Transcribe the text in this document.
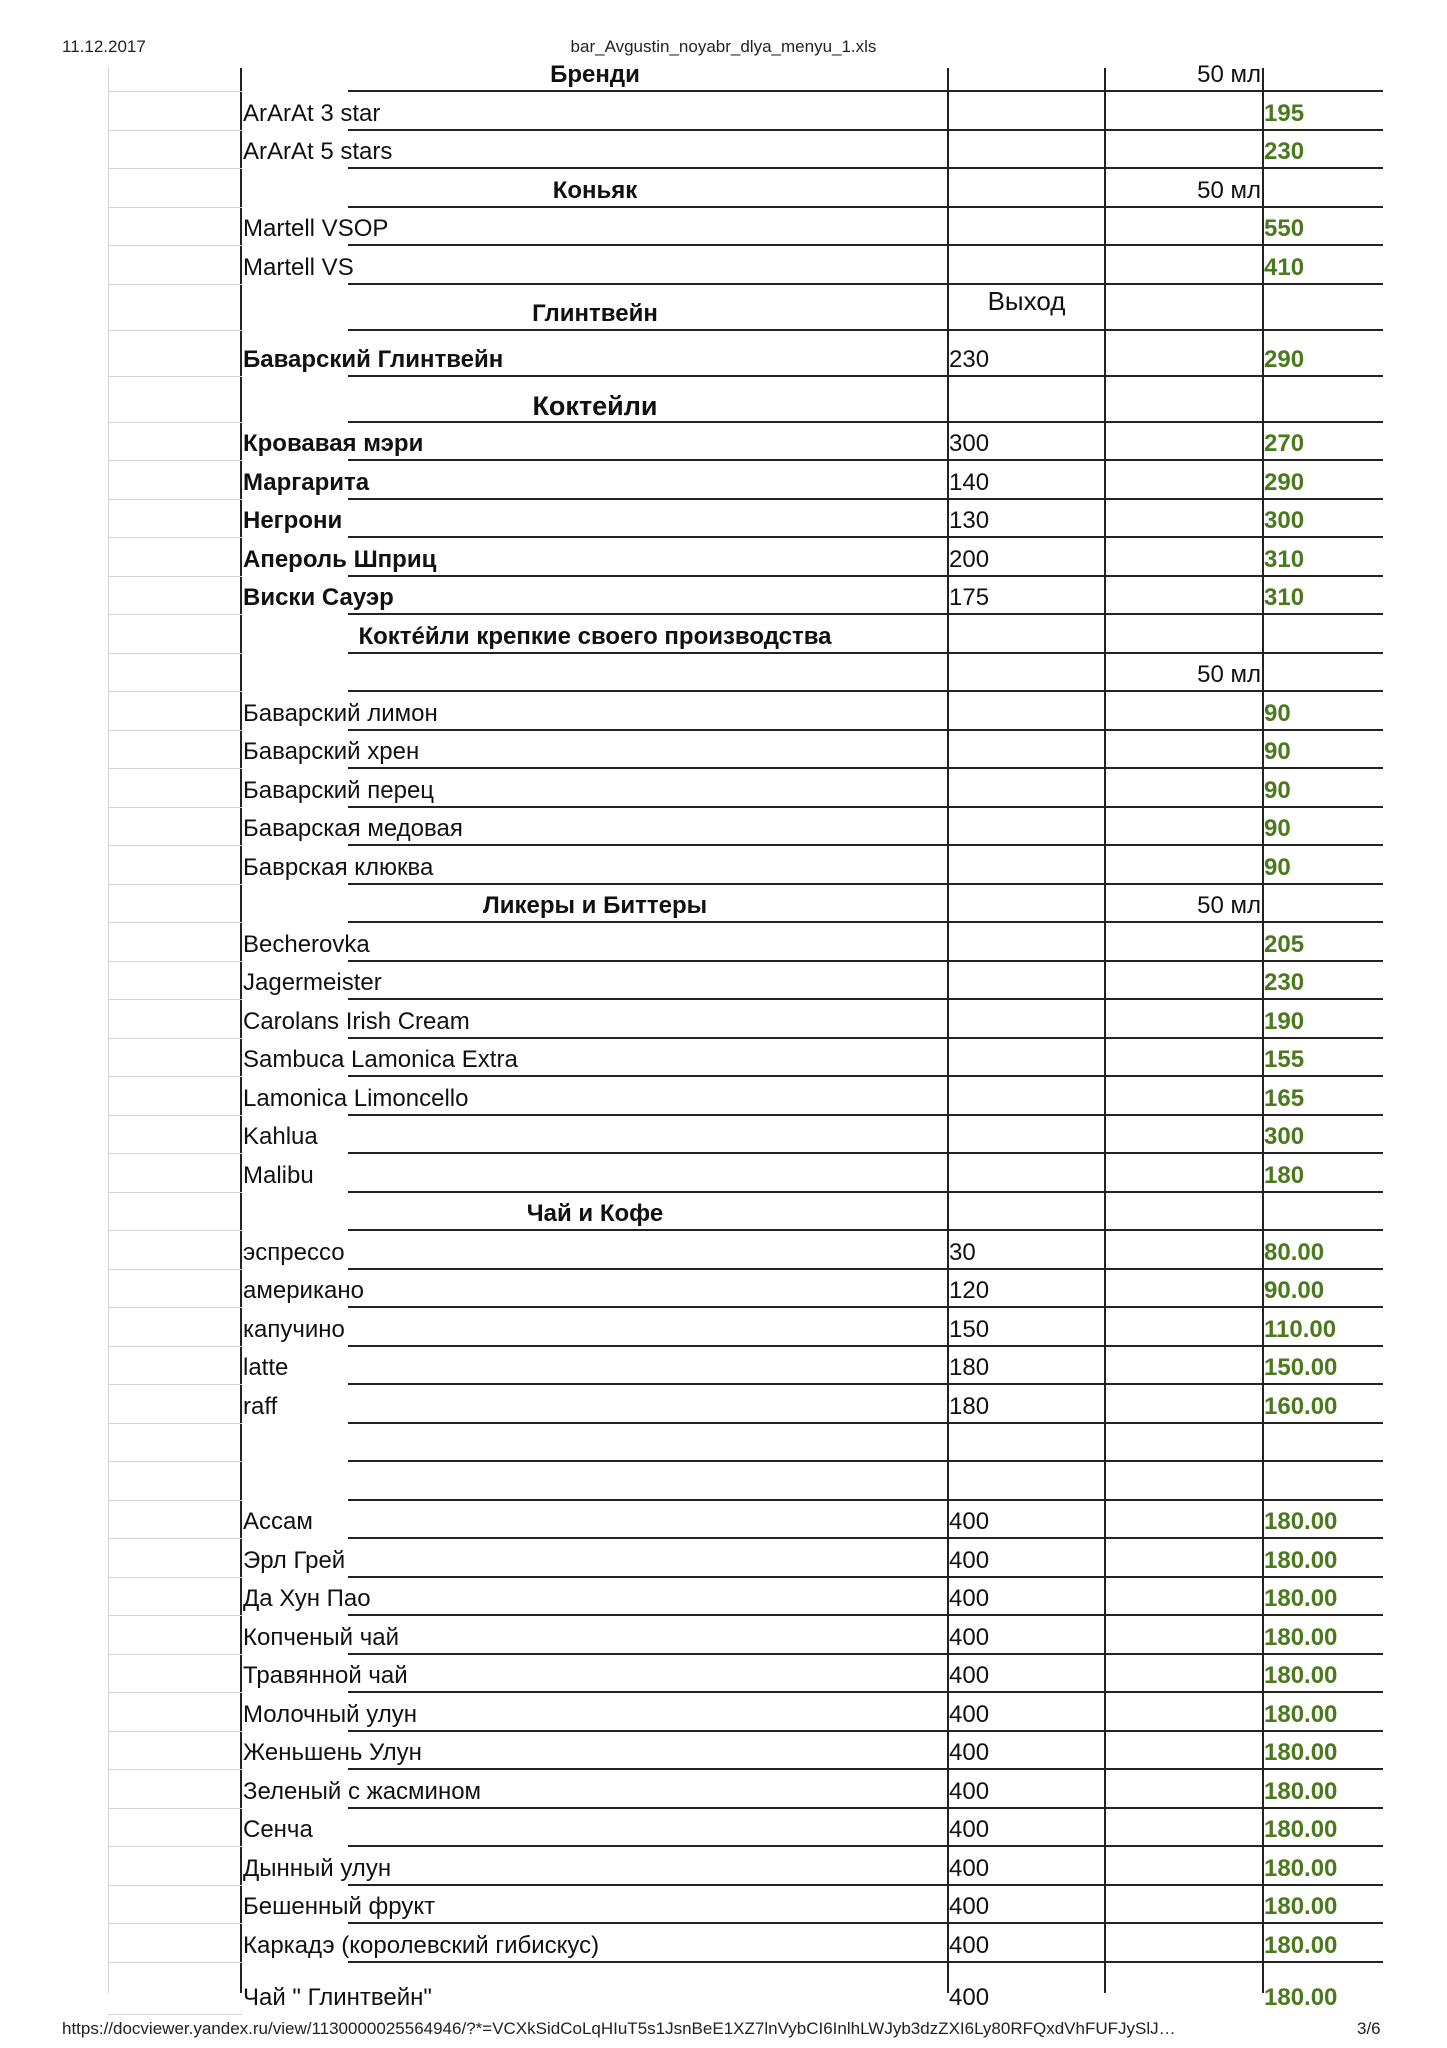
11.12.2017	bar_Avgustin_noyabr_dlya_menyu_1.xls
Бренди	50 мл
ArArAt 3 star	195
ArArAt 5 stars	230
Коньяк	50 мл
Martell VSOP	550
Martell VS	410
Глинтвейн	Выход
Баварский Глинтвейн	230	290
Коктейли
Кровавая мэри	300	270
Маргарита	140	290
Негрони	130	300
Апероль Шприц	200	310
Виски Сауэр	175	310
Коктéйли крепкие своего производства
50 мл
Баварский лимон	90
Баварский хрен	90
Баварский перец	90
Баварская медовая	90
Баврская клюква	90
Ликеры и Биттеры	50 мл
Becherovka	205
Jagermeister	230
Carolans Irish Cream	190
Sambuca Lamonica Extra	155
Lamonica Limoncello	165
Kahlua	300
Malibu	180
Чай и Кофе
эспрессо	30	80.00
американо	120	90.00
капучино	150	110.00
latte	180	150.00
raff	180	160.00
Ассам	400	180.00
Эрл Грей	400	180.00
Да Хун Пао	400	180.00
Копченый чай	400	180.00
Травянной чай	400	180.00
Молочный улун	400	180.00
Женьшень Улун	400	180.00
Зеленый с жасмином	400	180.00
Сенча	400	180.00
Дынный улун	400	180.00
Бешенный фрукт	400	180.00
Каркадэ (королевский гибискус)	400	180.00
Чай " Глинтвейн"	400	180.00
https://docviewer.yandex.ru/view/1130000025564946/?*=VCXkSidCoLqHIuT5s1JsnBeE1XZ7lnVybCI6InlhLWJyb3dzZXI6Ly80RFQxdVhFUFJySlJ…	3/6
